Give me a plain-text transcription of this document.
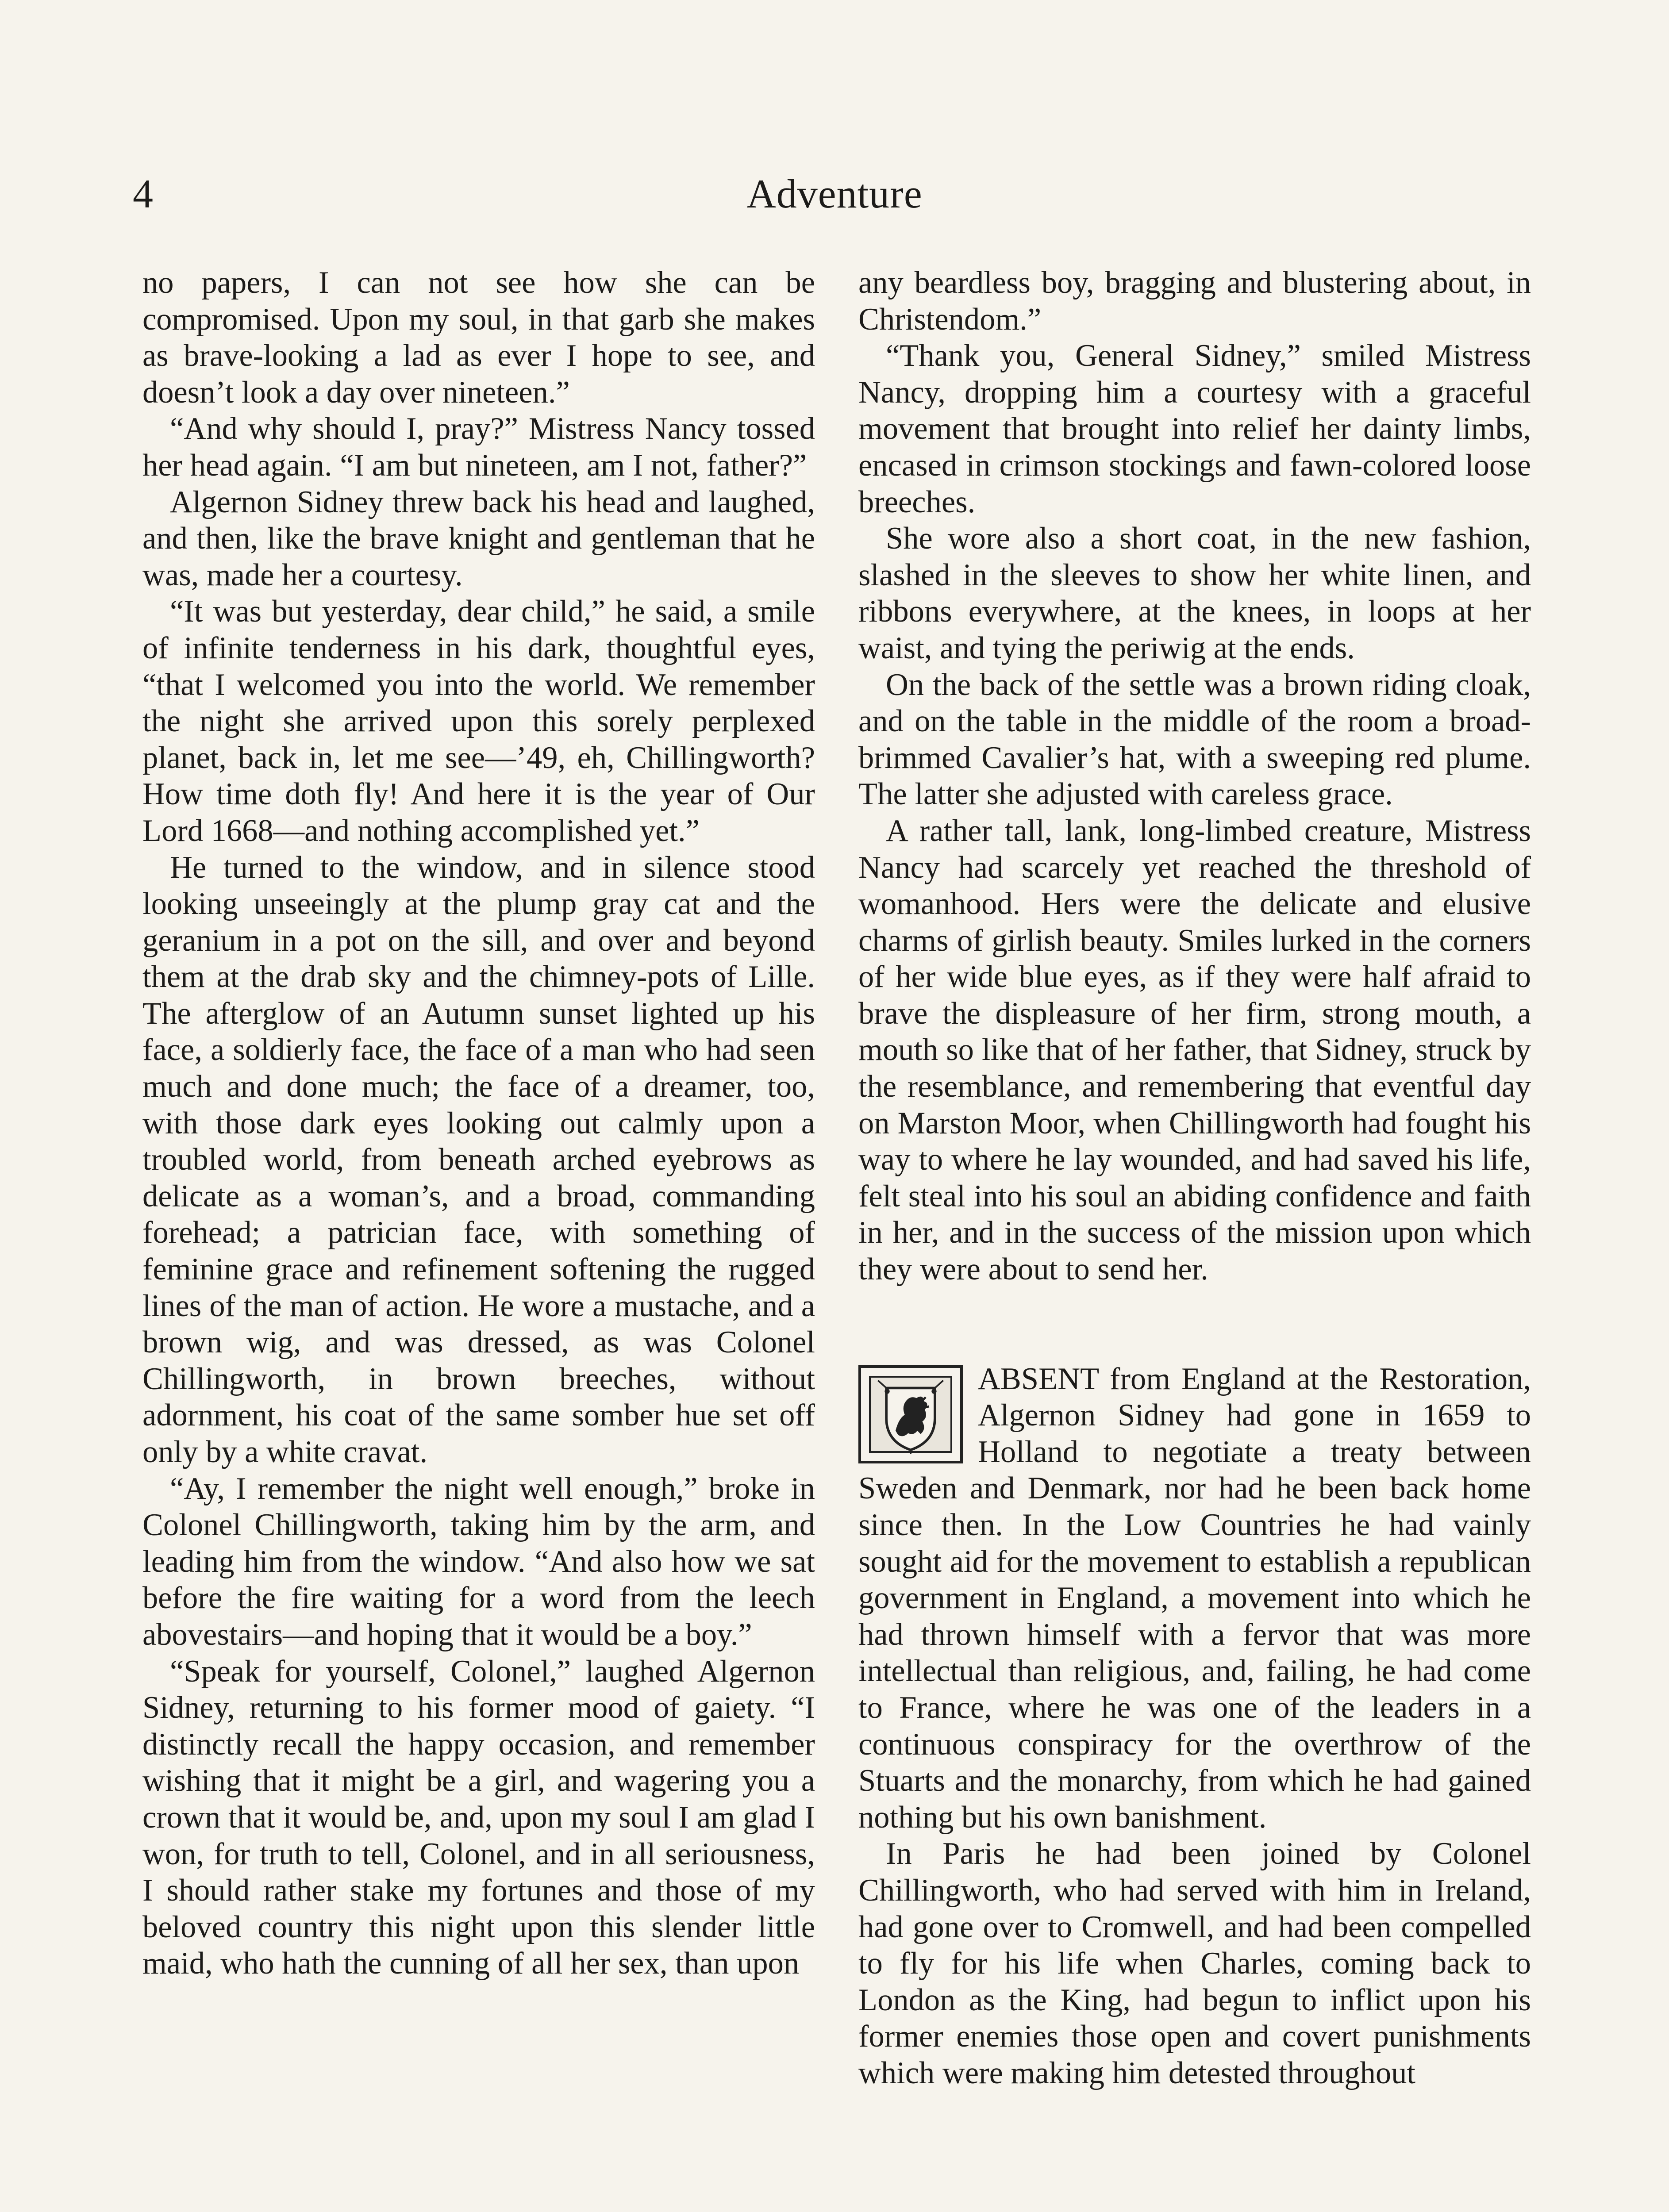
4	Adventure

no papers, I can not see how she can be compromised. Upon my soul, in that garb she makes as brave-looking a lad as ever I hope to see, and doesn’t look a day over nineteen.”

“And why should I, pray?” Mistress Nancy tossed her head again. “I am but nineteen, am I not, father?”

Algernon Sidney threw back his head and laughed, and then, like the brave knight and gentleman that he was, made her a courtesy.

“It was but yesterday, dear child,” he said, a smile of infinite tenderness in his dark, thoughtful eyes, “that I welcomed you into the world. We remember the night she arrived upon this sorely perplexed planet, back in, let me see—’49, eh, Chillingworth? How time doth fly! And here it is the year of Our Lord 1668—and nothing accomplished yet.”

He turned to the window, and in silence stood looking unseeingly at the plump gray cat and the geranium in a pot on the sill, and over and beyond them at the drab sky and the chimney-pots of Lille. The afterglow of an Autumn sunset lighted up his face, a soldierly face, the face of a man who had seen much and done much; the face of a dreamer, too, with those dark eyes looking out calmly upon a troubled world, from beneath arched eyebrows as delicate as a woman’s, and a broad, commanding forehead; a patrician face, with something of feminine grace and refinement softening the rugged lines of the man of action. He wore a mustache, and a brown wig, and was dressed, as was Colonel Chillingworth, in brown breeches, without adornment, his coat of the same somber hue set off only by a white cravat.

“Ay, I remember the night well enough,” broke in Colonel Chillingworth, taking him by the arm, and leading him from the window. “And also how we sat before the fire waiting for a word from the leech abovestairs—and hoping that it would be a boy.”

“Speak for yourself, Colonel,” laughed Algernon Sidney, returning to his former mood of gaiety. “I distinctly recall the happy occasion, and remember wishing that it might be a girl, and wagering you a crown that it would be, and, upon my soul I am glad I won, for truth to tell, Colonel, and in all seriousness, I should rather stake my fortunes and those of my beloved country this night upon this slender little maid, who hath the cunning of all her sex, than upon

any beardless boy, bragging and blustering about, in Christendom.”

“Thank you, General Sidney,” smiled Mistress Nancy, dropping him a courtesy with a graceful movement that brought into relief her dainty limbs, encased in crimson stockings and fawn-colored loose breeches.

She wore also a short coat, in the new fashion, slashed in the sleeves to show her white linen, and ribbons everywhere, at the knees, in loops at her waist, and tying the periwig at the ends.

On the back of the settle was a brown riding cloak, and on the table in the middle of the room a broad-brimmed Cavalier’s hat, with a sweeping red plume. The latter she adjusted with careless grace.

A rather tall, lank, long-limbed creature, Mistress Nancy had scarcely yet reached the threshold of womanhood. Hers were the delicate and elusive charms of girlish beauty. Smiles lurked in the corners of her wide blue eyes, as if they were half afraid to brave the displeasure of her firm, strong mouth, a mouth so like that of her father, that Sidney, struck by the resemblance, and remembering that eventful day on Marston Moor, when Chillingworth had fought his way to where he lay wounded, and had saved his life, felt steal into his soul an abiding confidence and faith in her, and in the success of the mission upon which they were about to send her.

ABSENT from England at the Restoration, Algernon Sidney had gone in 1659 to Holland to negotiate a treaty between Sweden and Denmark, nor had he been back home since then. In the Low Countries he had vainly sought aid for the movement to establish a republican government in England, a movement into which he had thrown himself with a fervor that was more intellectual than religious, and, failing, he had come to France, where he was one of the leaders in a continuous conspiracy for the overthrow of the Stuarts and the monarchy, from which he had gained nothing but his own banishment.

In Paris he had been joined by Colonel Chillingworth, who had served with him in Ireland, had gone over to Cromwell, and had been compelled to fly for his life when Charles, coming back to London as the King, had begun to inflict upon his former enemies those open and covert punishments which were making him detested throughout
